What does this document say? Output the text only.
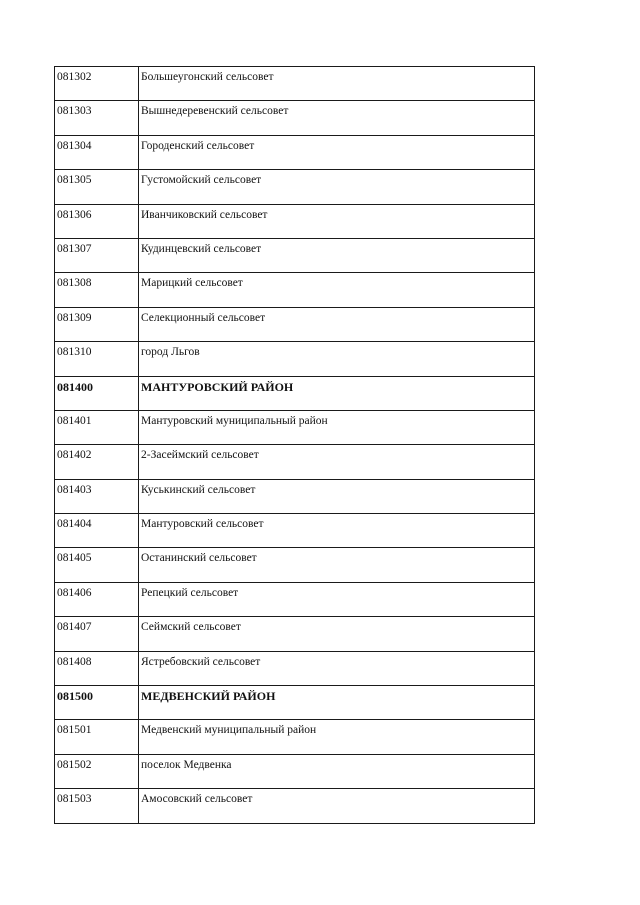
081302	Большеугонский сельсовет
081303	Вышнедеревенский сельсовет
081304	Городенский сельсовет
081305	Густомойский сельсовет
081306	Иванчиковский сельсовет
081307	Кудинцевский сельсовет
081308	Марицкий сельсовет
081309	Селекционный сельсовет
081310	город Льгов
081400	МАНТУРОВСКИЙ РАЙОН
081401	Мантуровский муниципальный район
081402	2-Засеймский сельсовет
081403	Куськинский сельсовет
081404	Мантуровский сельсовет
081405	Останинский сельсовет
081406	Репецкий сельсовет
081407	Сеймский сельсовет
081408	Ястребовский сельсовет
081500	МЕДВЕНСКИЙ РАЙОН
081501	Медвенский муниципальный район
081502	поселок Медвенка
081503	Амосовский сельсовет
